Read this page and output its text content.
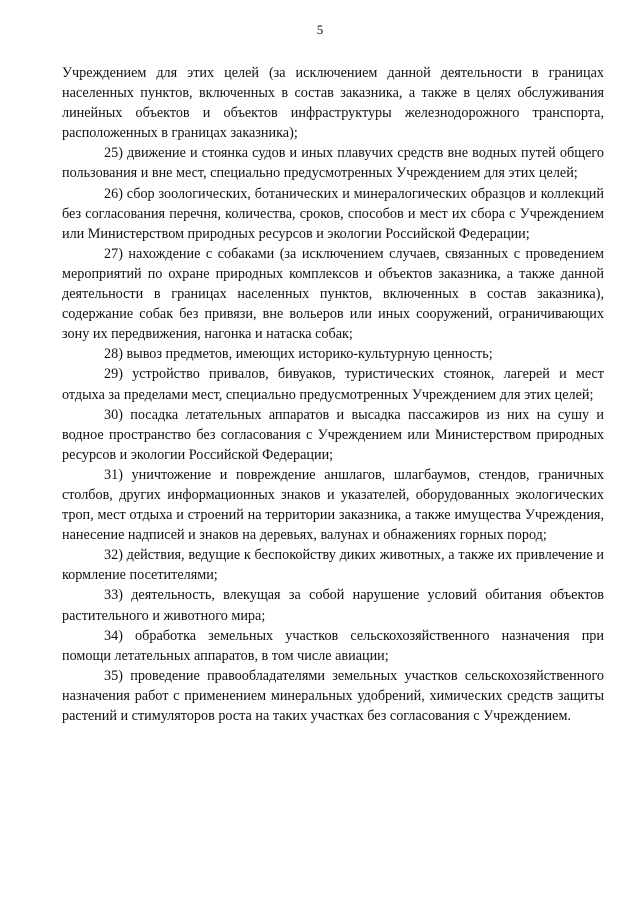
5

Учреждением для этих целей (за исключением данной деятельности в границах населенных пунктов, включенных в состав заказника, а также в целях обслуживания линейных объектов и объектов инфраструктуры железнодорожного транспорта, расположенных в границах заказника);

25) движение и стоянка судов и иных плавучих средств вне водных путей общего пользования и вне мест, специально предусмотренных Учреждением для этих целей;

26) сбор зоологических, ботанических и минералогических образцов и коллекций без согласования перечня, количества, сроков, способов и мест их сбора с Учреждением или Министерством природных ресурсов и экологии Российской Федерации;

27) нахождение с собаками (за исключением случаев, связанных с проведением мероприятий по охране природных комплексов и объектов заказника, а также данной деятельности в границах населенных пунктов, включенных в состав заказника), содержание собак без привязи, вне вольеров или иных сооружений, ограничивающих зону их передвижения, нагонка и натаска собак;

28) вывоз предметов, имеющих историко-культурную ценность;

29) устройство привалов, бивуаков, туристических стоянок, лагерей и мест отдыха за пределами мест, специально предусмотренных Учреждением для этих целей;

30) посадка летательных аппаратов и высадка пассажиров из них на сушу и водное пространство без согласования с Учреждением или Министерством природных ресурсов и экологии Российской Федерации;

31) уничтожение и повреждение аншлагов, шлагбаумов, стендов, граничных столбов, других информационных знаков и указателей, оборудованных экологических троп, мест отдыха и строений на территории заказника, а также имущества Учреждения, нанесение надписей и знаков на деревьях, валунах и обнажениях горных пород;

32) действия, ведущие к беспокойству диких животных, а также их привлечение и кормление посетителями;

33) деятельность, влекущая за собой нарушение условий обитания объектов растительного и животного мира;

34) обработка земельных участков сельскохозяйственного назначения при помощи летательных аппаратов, в том числе авиации;

35) проведение правообладателями земельных участков сельскохозяйственного назначения работ с применением минеральных удобрений, химических средств защиты растений и стимуляторов роста на таких участках без согласования с Учреждением.
